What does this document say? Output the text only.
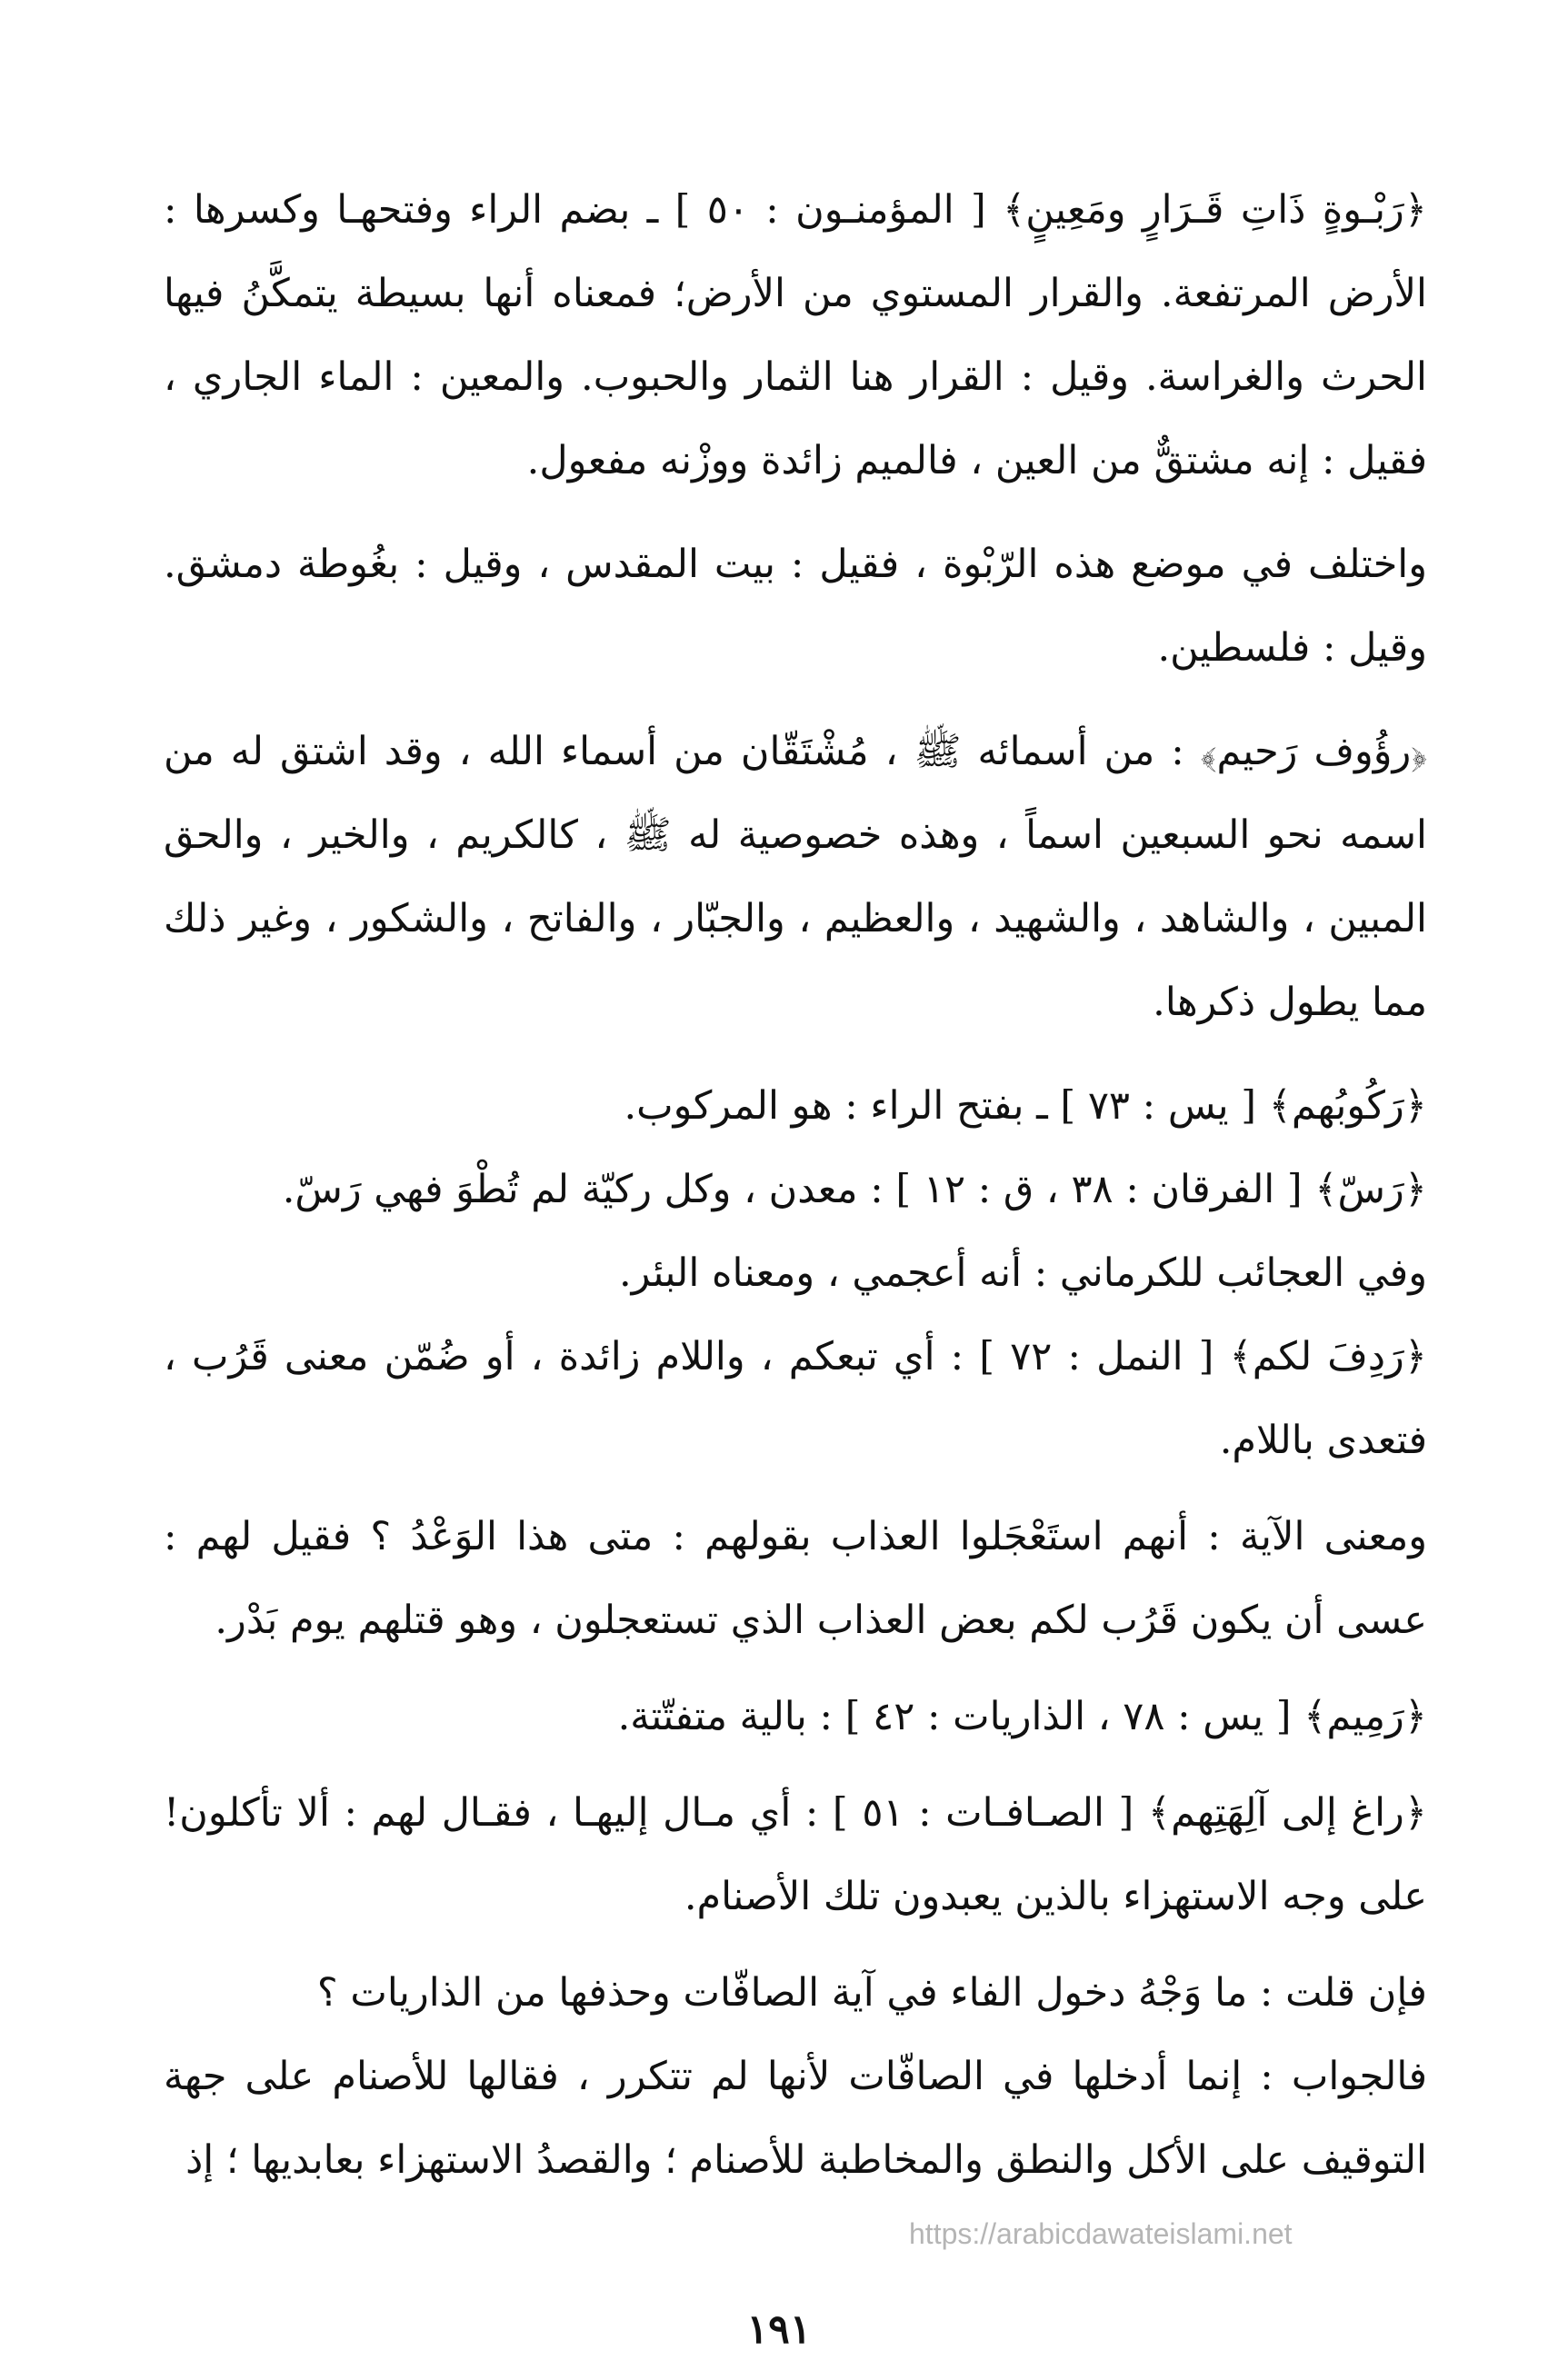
﴿رَبْـوةٍ ذَاتِ قَـرَارٍ ومَعِينٍ﴾ [ المؤمنـون : ٥٠ ] ـ بضم الراء وفتحهـا وكسرها : الأرض المرتفعة. والقرار المستوي من الأرض؛ فمعناه أنها بسيطة يتمكَّنُ فيها الحرث والغراسة. وقيل : القرار هنا الثمار والحبوب. والمعين : الماء الجاري ، فقيل : إنه مشتقٌّ من العين ، فالميم زائدة ووزْنه مفعول.

واختلف في موضع هذه الرّبْوة ، فقيل : بيت المقدس ، وقيل : بغُوطة دمشق. وقيل : فلسطين.

﴿رؤُوف رَحيم﴾ : من أسمائه ﷺ ، مُشْتَقّان من أسماء الله ، وقد اشتق له من اسمه نحو السبعين اسماً ، وهذه خصوصية له ﷺ ، كالكريم ، والخير ، والحق المبين ، والشاهد ، والشهيد ، والعظيم ، والجبّار ، والفاتح ، والشكور ، وغير ذلك مما يطول ذكرها.

﴿رَكُوبُهم﴾ [ يس : ٧٣ ] ـ بفتح الراء : هو المركوب.

﴿رَسّ﴾ [ الفرقان : ٣٨ ، ق : ١٢ ] : معدن ، وكل ركيّة لم تُطْوَ فهي رَسّ.

وفي العجائب للكرماني : أنه أعجمي ، ومعناه البئر.

﴿رَدِفَ لكم﴾ [ النمل : ٧٢ ] : أي تبعكم ، واللام زائدة ، أو ضُمّن معنى قَرُب ، فتعدى باللام.

ومعنى الآية : أنهم استَعْجَلوا العذاب بقولهم : متى هذا الوَعْدُ ؟ فقيل لهم : عسى أن يكون قَرُب لكم بعض العذاب الذي تستعجلون ، وهو قتلهم يوم بَدْر.

﴿رَمِيم﴾ [ يس : ٧٨ ، الذاريات : ٤٢ ] : بالية متفتّتة.

﴿راغ إلى آلِهَتِهم﴾ [ الصـافـات : ٥١ ] : أي مـال إليهـا ، فقـال لهم : ألا تأكلون! على وجه الاستهزاء بالذين يعبدون تلك الأصنام.

فإن قلت : ما وَجْهُ دخول الفاء في آية الصافّات وحذفها من الذاريات ؟

فالجواب : إنما أدخلها في الصافّات لأنها لم تتكرر ، فقالها للأصنام على جهة التوقيف على الأكل والنطق والمخاطبة للأصنام ؛ والقصدُ الاستهزاء بعابديها ؛ إذ

https://arabicdawateislami.net
١٩١
